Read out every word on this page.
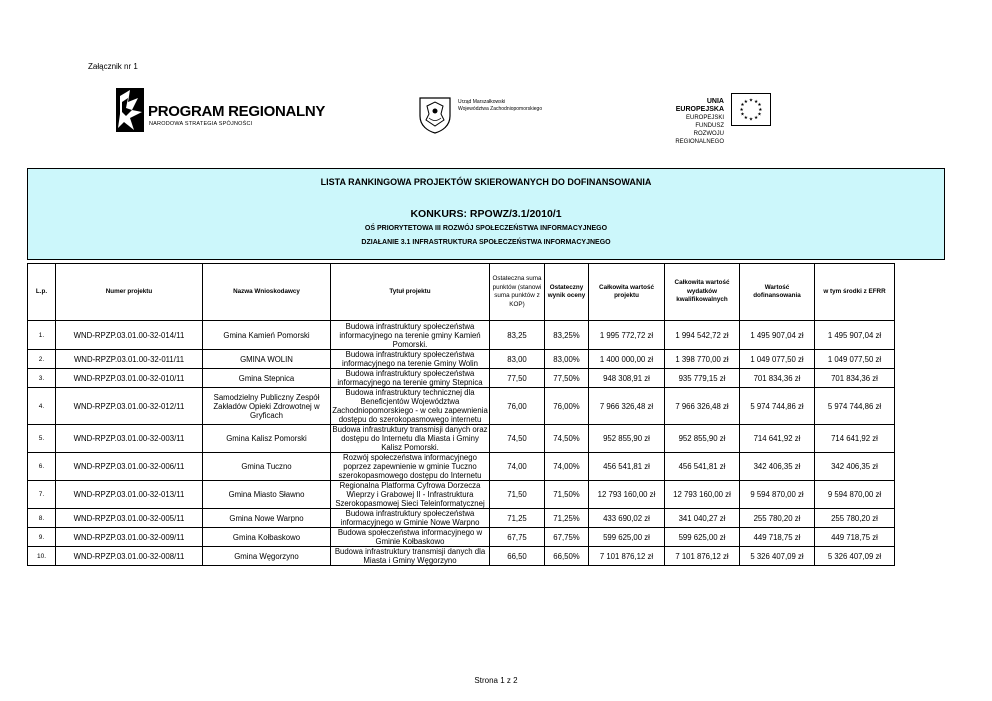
Załącznik nr 1
PROGRAM REGIONALNY
NARODOWA STRATEGIA SPÓJNOŚCI
Urząd Marszałkowski
Województwa Zachodniopomorskiego
UNIA EUROPEJSKA
EUROPEJSKI FUNDUSZ
ROZWOJU REGIONALNEGO
★ ★
★
★
★
★
★
★
★
★
★
★
LISTA RANKINGOWA PROJEKTÓW SKIEROWANYCH DO DOFINANSOWANIA
KONKURS: RPOWZ/3.1/2010/1
OŚ PRIORYTETOWA III ROZWÓJ SPOŁECZEŃSTWA INFORMACYJNEGO
DZIAŁANIE 3.1 INFRASTRUKTURA SPOŁECZEŃSTWA INFORMACYJNEGO
L.p.	Numer projektu	Nazwa Wnioskodawcy	Tytuł projektu	Ostateczna suma punktów (stanowi suma punktów z KOP)	Ostateczny wynik oceny	Całkowita wartość projektu	Całkowita wartość wydatków kwalifikowalnych	Wartość dofinansowania	w tym środki z EFRR
1.	WND-RPZP.03.01.00-32-014/11	Gmina Kamień Pomorski	Budowa infrastruktury społeczeństwa informacyjnego na terenie gminy Kamień Pomorski.	83,25	83,25%	1 995 772,72 zł	1 994 542,72 zł	1 495 907,04 zł	1 495 907,04 zł
2.	WND-RPZP.03.01.00-32-011/11	GMINA WOLIN	Budowa infrastruktury społeczeństwa informacyjnego na terenie Gminy Wolin	83,00	83,00%	1 400 000,00 zł	1 398 770,00 zł	1 049 077,50 zł	1 049 077,50 zł
3.	WND-RPZP.03.01.00-32-010/11	Gmina Stepnica	Budowa infrastruktury społeczeństwa informacyjnego na terenie gminy Stepnica	77,50	77,50%	948 308,91 zł	935 779,15 zł	701 834,36 zł	701 834,36 zł
4.	WND-RPZP.03.01.00-32-012/11	Samodzielny Publiczny Zespół Zakładów Opieki Zdrowotnej w Gryficach	Budowa infrastruktury technicznej dla Beneficjentów Województwa Zachodniopomorskiego - w celu zapewnienia dostępu do szerokopasmowego internetu	76,00	76,00%	7 966 326,48 zł	7 966 326,48 zł	5 974 744,86 zł	5 974 744,86 zł
5.	WND-RPZP.03.01.00-32-003/11	Gmina Kalisz Pomorski	Budowa infrastruktury transmisji danych oraz dostępu do Internetu dla Miasta i Gminy Kalisz Pomorski.	74,50	74,50%	952 855,90 zł	952 855,90 zł	714 641,92 zł	714 641,92 zł
6.	WND-RPZP.03.01.00-32-006/11	Gmina Tuczno	Rozwój społeczeństwa informacyjnego poprzez zapewnienie w gminie Tuczno szerokopasmowego dostępu do Internetu	74,00	74,00%	456 541,81 zł	456 541,81 zł	342 406,35 zł	342 406,35 zł
7.	WND-RPZP.03.01.00-32-013/11	Gmina Miasto Sławno	Regionalna Platforma Cyfrowa Dorzecza Wieprzy i Grabowej II - Infrastruktura Szerokopasmowej Sieci Teleinformatycznej	71,50	71,50%	12 793 160,00 zł	12 793 160,00 zł	9 594 870,00 zł	9 594 870,00 zł
8.	WND-RPZP.03.01.00-32-005/11	Gmina Nowe Warpno	Budowa infrastruktury społeczeństwa informacyjnego w Gminie Nowe Warpno	71,25	71,25%	433 690,02 zł	341 040,27 zł	255 780,20 zł	255 780,20 zł
9.	WND-RPZP.03.01.00-32-009/11	Gmina Kołbaskowo	Budowa społeczeństwa informacyjnego w Gminie Kołbaskowo	67,75	67,75%	599 625,00 zł	599 625,00 zł	449 718,75 zł	449 718,75 zł
10.	WND-RPZP.03.01.00-32-008/11	Gmina Węgorzyno	Budowa infrastruktury transmisji danych dla Miasta i Gminy Węgorzyno	66,50	66,50%	7 101 876,12 zł	7 101 876,12 zł	5 326 407,09 zł	5 326 407,09 zł
Strona 1 z 2
